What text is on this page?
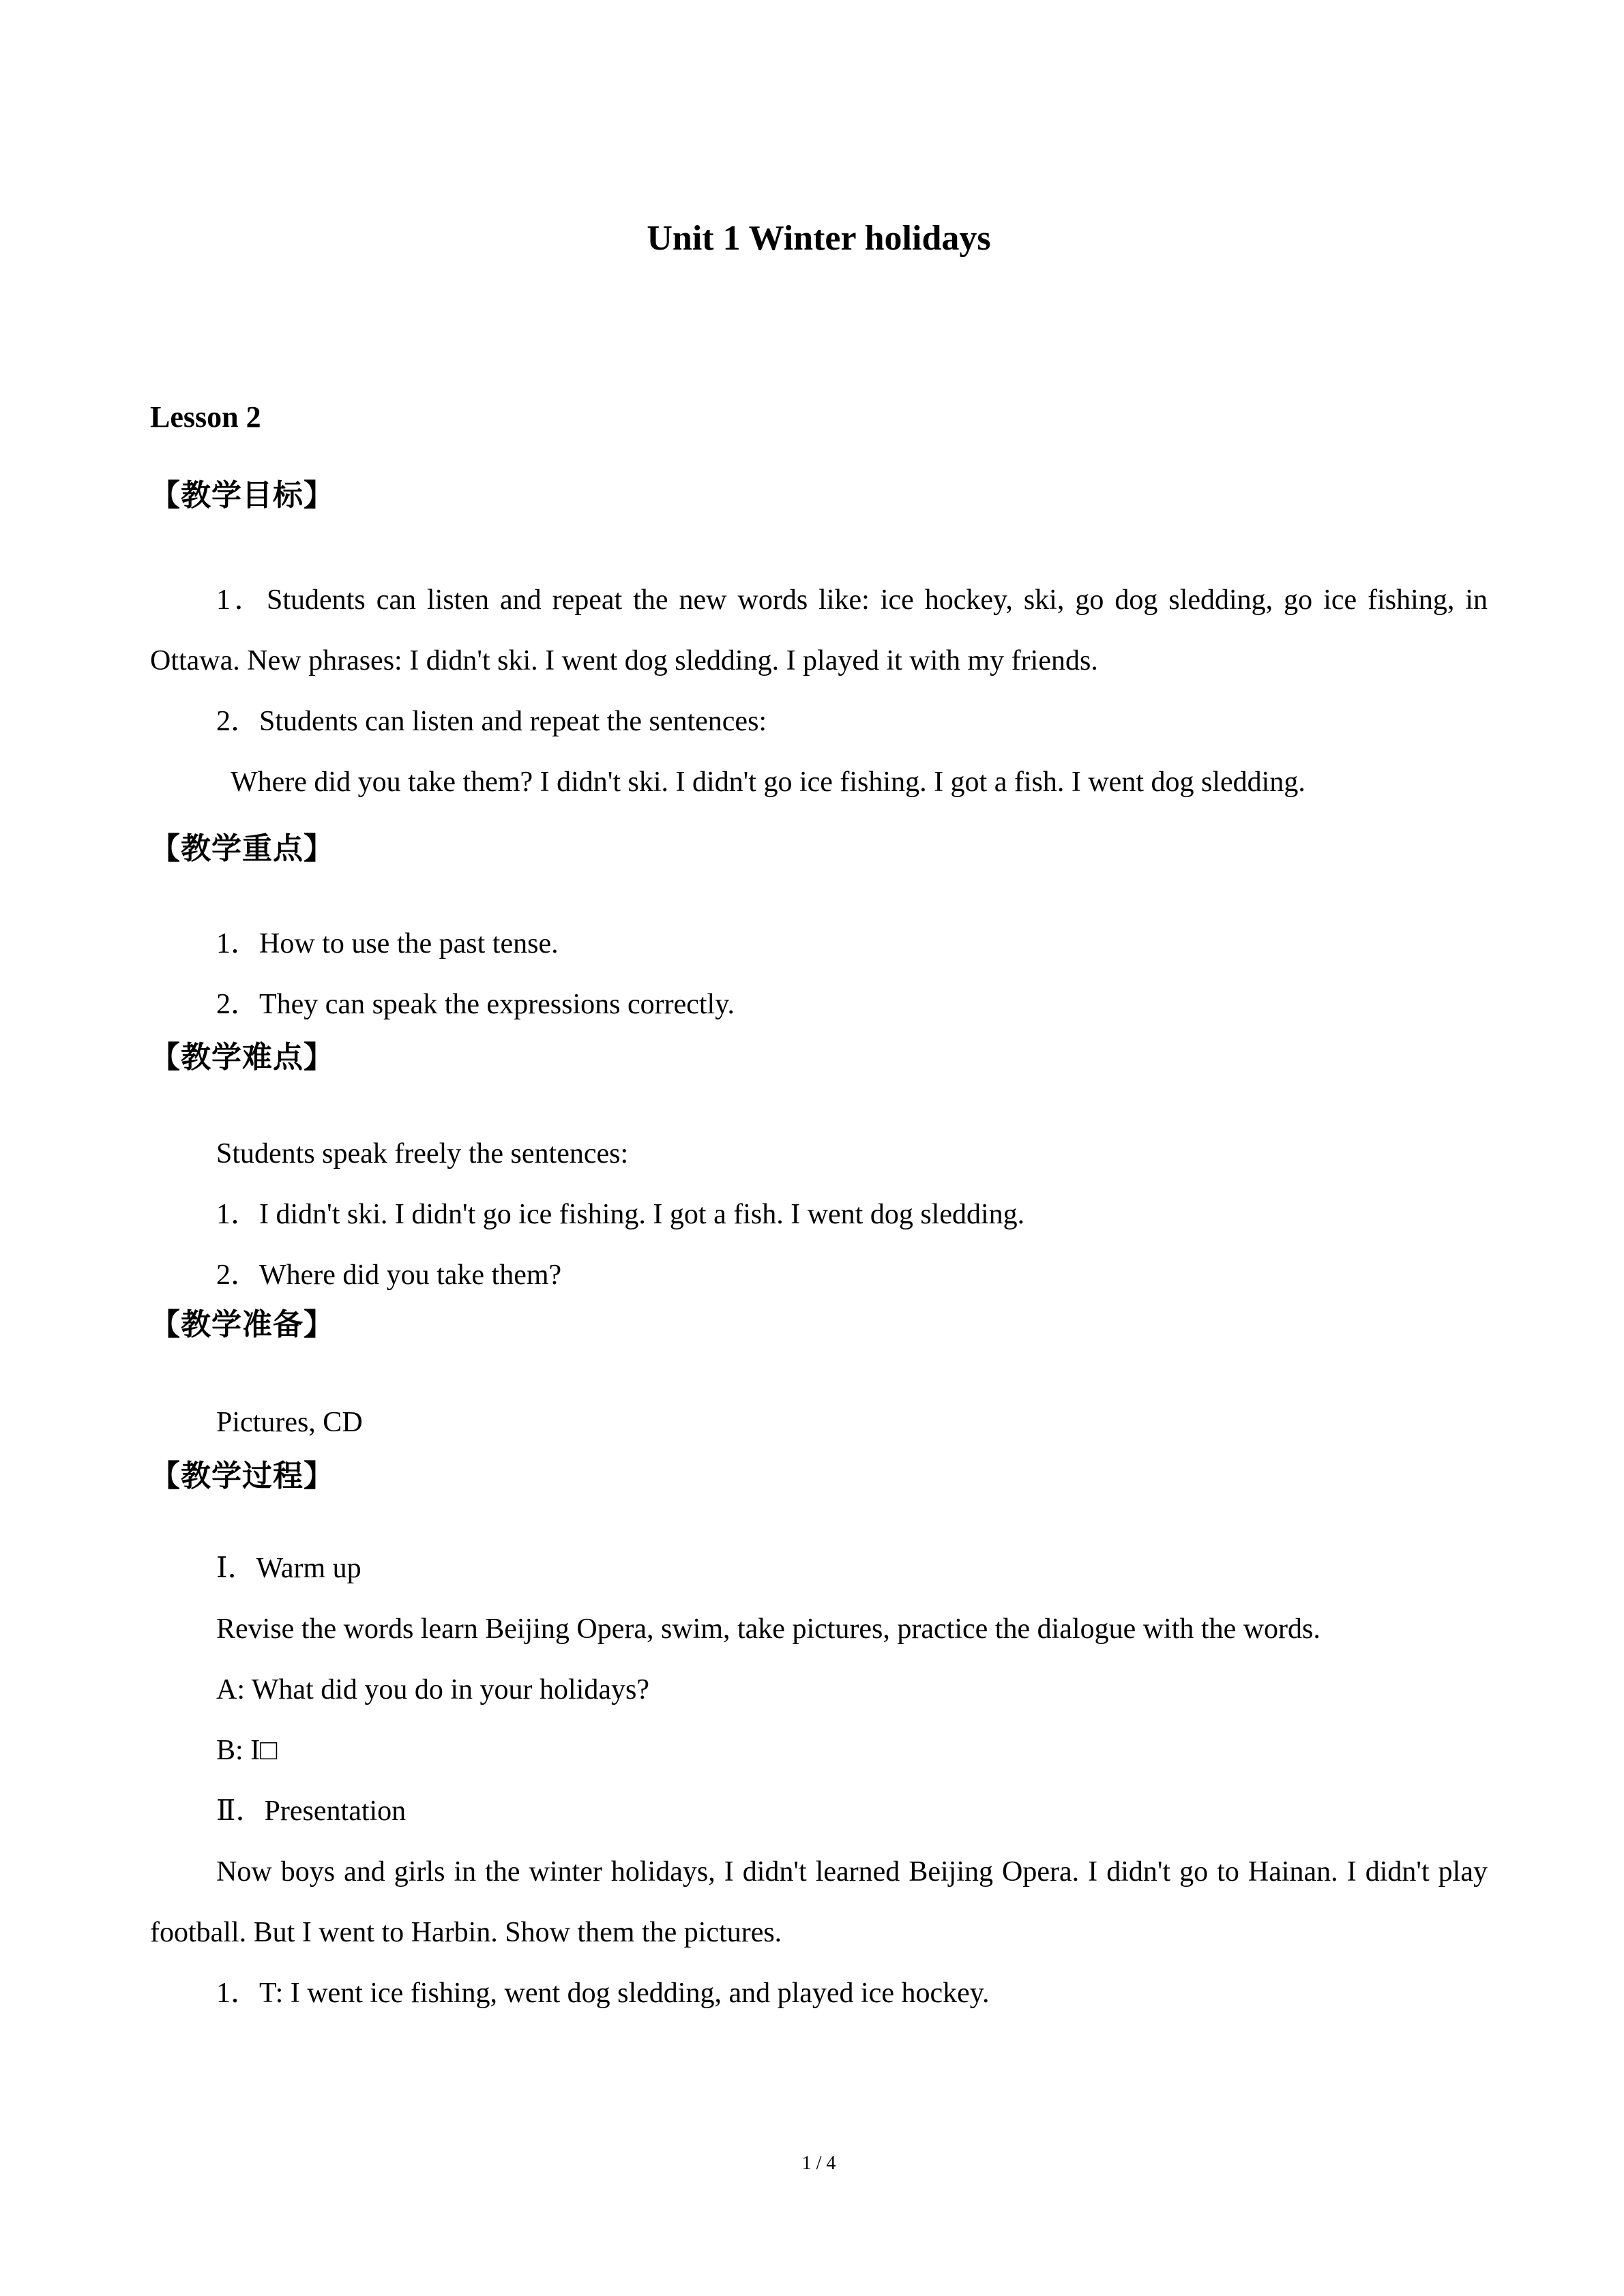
Unit 1 Winter holidays
Lesson 2
【教学目标】

1．Students can listen and repeat the new words like: ice hockey, ski, go dog sledding, go ice fishing, in Ottawa. New phrases: I didn't ski. I went dog sledding. I played it with my friends.

2．Students can listen and repeat the sentences:

Where did you take them? I didn't ski. I didn't go ice fishing. I got a fish. I went dog sledding.

【教学重点】

1．How to use the past tense.

2．They can speak the expressions correctly.

【教学难点】

Students speak freely the sentences:

1．I didn't ski. I didn't go ice fishing. I got a fish. I went dog sledding.

2．Where did you take them?

【教学准备】

Pictures, CD

【教学过程】

Ⅰ．Warm up

Revise the words learn Beijing Opera, swim, take pictures, practice the dialogue with the words.

A: What did you do in your holidays?

B: I□

Ⅱ．Presentation

Now boys and girls in the winter holidays, I didn't learned Beijing Opera. I didn't go to Hainan. I didn't play football. But I went to Harbin. Show them the pictures.

1．T: I went ice fishing, went dog sledding, and played ice hockey.

1 / 4
